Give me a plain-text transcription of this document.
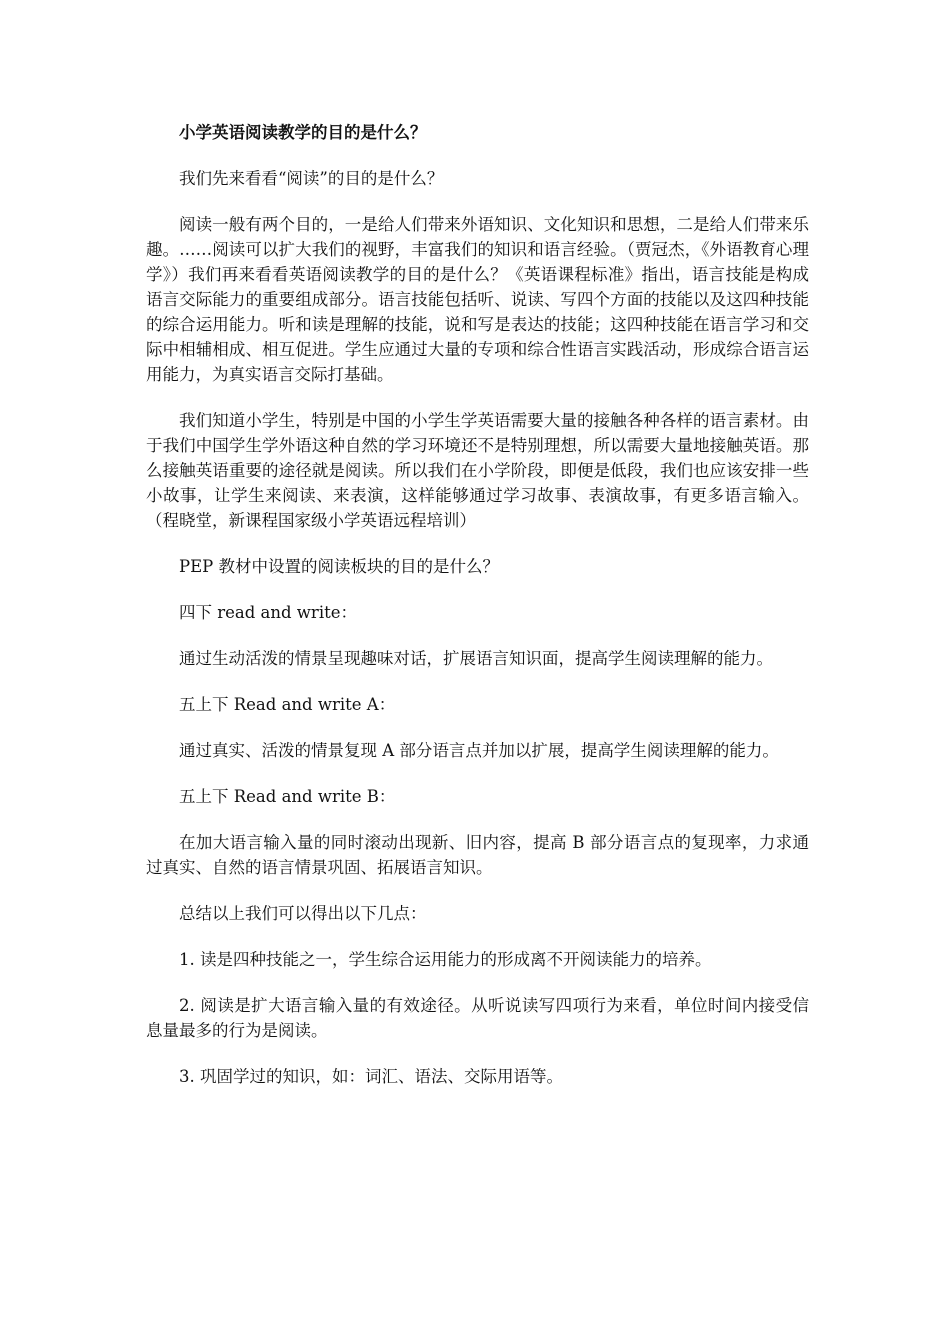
小学英语阅读教学的目的是什么？

我们先来看看“阅读”的目的是什么？

阅读一般有两个目的，一是给人们带来外语知识、文化知识和思想，二是给人们带来乐趣。……阅读可以扩大我们的视野，丰富我们的知识和语言经验。（贾冠杰，《外语教育心理学》）我们再来看看英语阅读教学的目的是什么？《英语课程标准》指出，语言技能是构成语言交际能力的重要组成部分。语言技能包括听、说读、写四个方面的技能以及这四种技能的综合运用能力。听和读是理解的技能，说和写是表达的技能；这四种技能在语言学习和交际中相辅相成、相互促进。学生应通过大量的专项和综合性语言实践活动，形成综合语言运用能力，为真实语言交际打基础。

我们知道小学生，特别是中国的小学生学英语需要大量的接触各种各样的语言素材。由于我们中国学生学外语这种自然的学习环境还不是特别理想，所以需要大量地接触英语。那么接触英语重要的途径就是阅读。所以我们在小学阶段，即便是低段，我们也应该安排一些小故事，让学生来阅读、来表演，这样能够通过学习故事、表演故事，有更多语言输入。（程晓堂，新课程国家级小学英语远程培训）

PEP 教材中设置的阅读板块的目的是什么？

四下 read and write：

通过生动活泼的情景呈现趣味对话，扩展语言知识面，提高学生阅读理解的能力。

五上下 Read and write A：

通过真实、活泼的情景复现 A 部分语言点并加以扩展，提高学生阅读理解的能力。

五上下 Read and write B：

在加大语言输入量的同时滚动出现新、旧内容，提高 B 部分语言点的复现率，力求通过真实、自然的语言情景巩固、拓展语言知识。

总结以上我们可以得出以下几点：

1. 读是四种技能之一，学生综合运用能力的形成离不开阅读能力的培养。

2. 阅读是扩大语言输入量的有效途径。从听说读写四项行为来看，单位时间内接受信息量最多的行为是阅读。

3. 巩固学过的知识，如：词汇、语法、交际用语等。
